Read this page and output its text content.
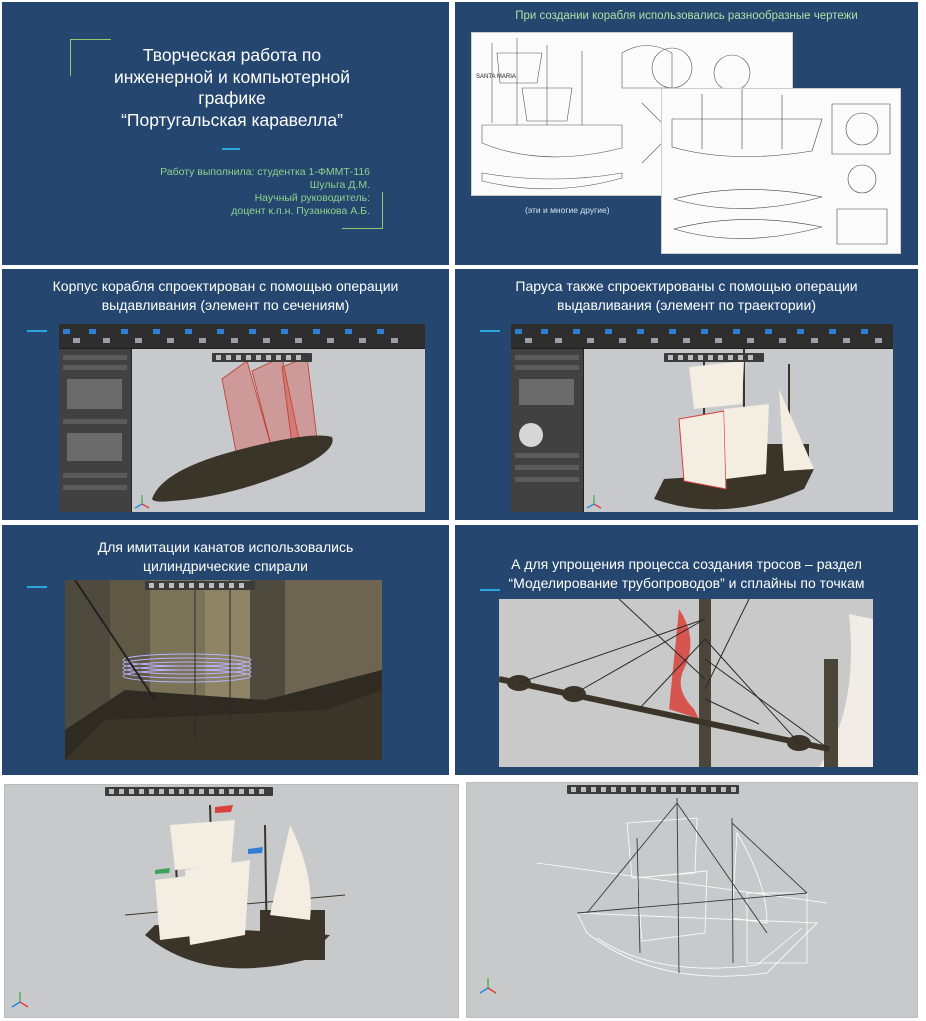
Творческая работа по
инженерной и компьютерной
графике
“Португальская каравелла”
Работу выполнила: студентка 1-ФММТ-116
Шульга Д.М.
Научный руководитель:
доцент к.п.н. Пузанкова А.Б.
При создании корабля использовались разнообразные чертежи
SANTA MARIA
(эти и многие другие)
Корпус корабля спроектирован с помощью операции
выдавливания (элемент по сечениям)
Паруса также спроектированы с помощью операции
выдавливания (элемент по траектории)
Для имитации канатов использовались
цилиндрические спирали	А для упрощения процесса создания тросов – раздел
“Моделирование трубопроводов” и сплайны по точкам
